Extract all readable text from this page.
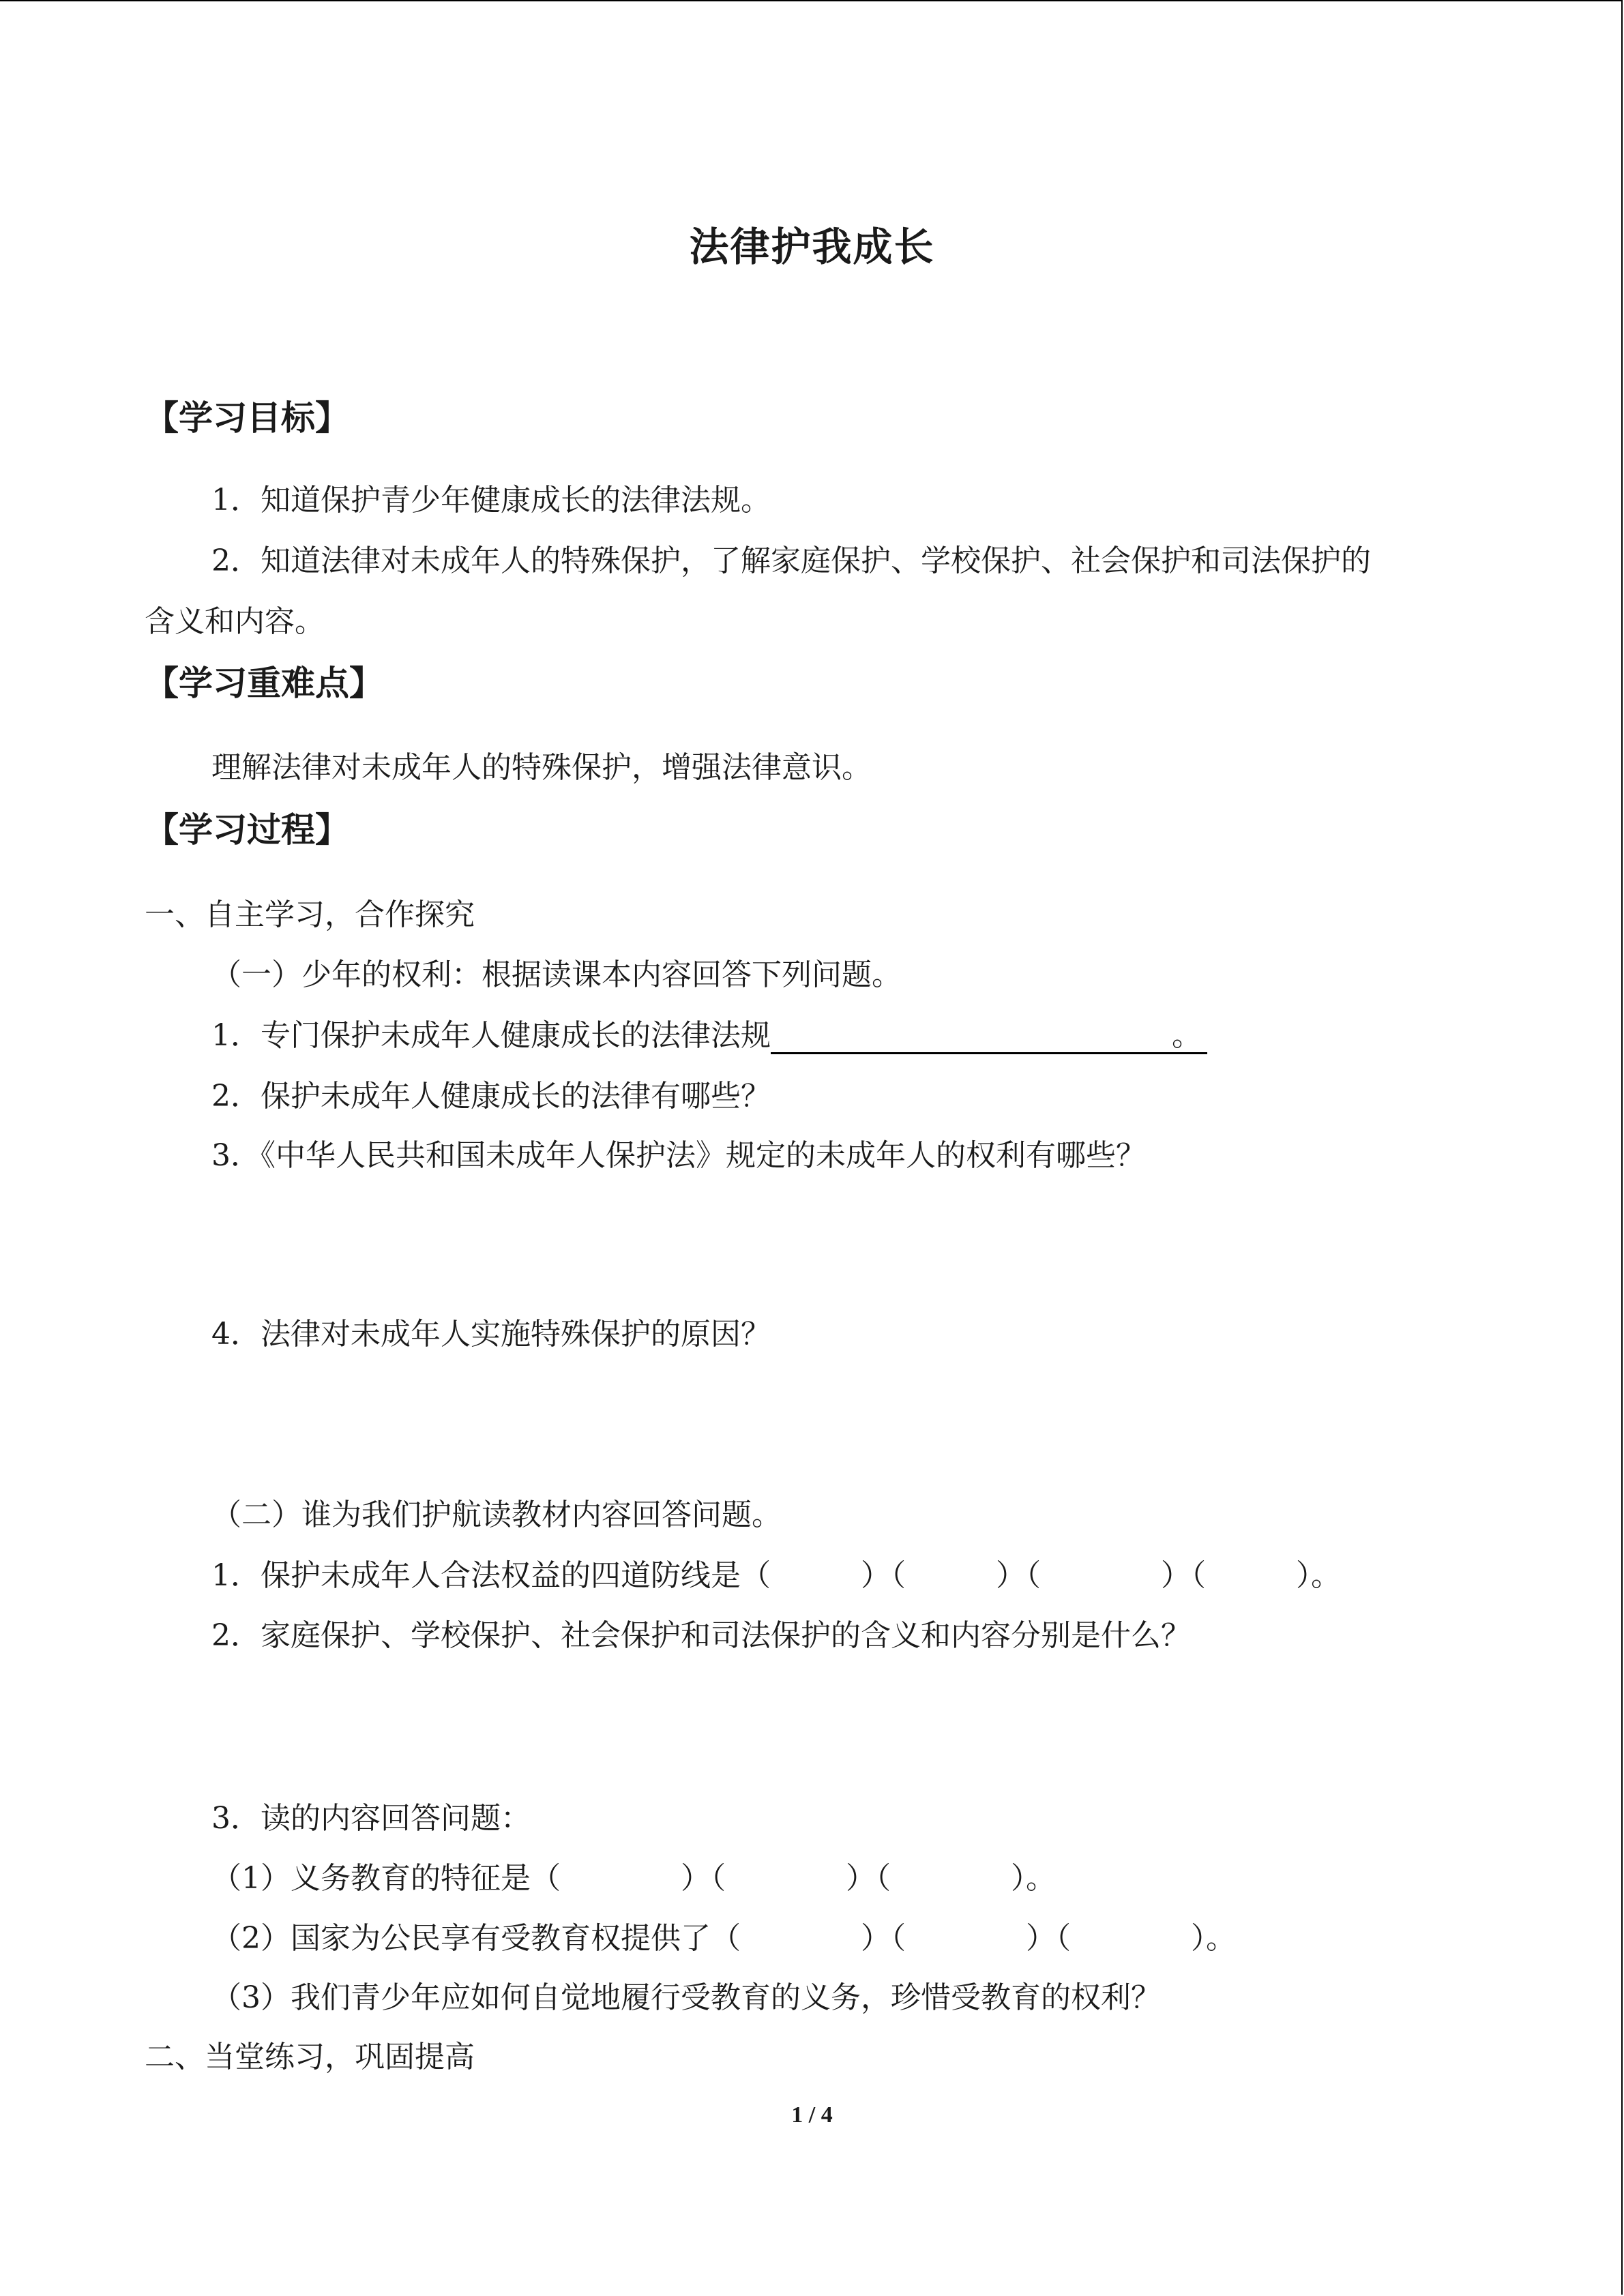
法律护我成长
【学习目标】
1．知道保护青少年健康成长的法律法规。
2．知道法律对未成年人的特殊保护，了解家庭保护、学校保护、社会保护和司法保护的
含义和内容。
【学习重难点】
理解法律对未成年人的特殊保护，增强法律意识。
【学习过程】
一、自主学习，合作探究
（一）少年的权利：根据读课本内容回答下列问题。
1．专门保护未成年人健康成长的法律法规	。
2．保护未成年人健康成长的法律有哪些？
3．《中华人民共和国未成年人保护法》规定的未成年人的权利有哪些？
4．法律对未成年人实施特殊保护的原因？
（二）谁为我们护航读教材内容回答问题。
1．保护未成年人合法权益的四道防线是（　　　）（　　　）（　　　　）（　　　）。
2．家庭保护、学校保护、社会保护和司法保护的含义和内容分别是什么？
3．读的内容回答问题：
（1）义务教育的特征是（　　　　）（　　　　）（　　　　）。
（2）国家为公民享有受教育权提供了（　　　　）（　　　　）（　　　　）。
（3）我们青少年应如何自觉地履行受教育的义务，珍惜受教育的权利？
二、当堂练习，巩固提高
1 / 4
